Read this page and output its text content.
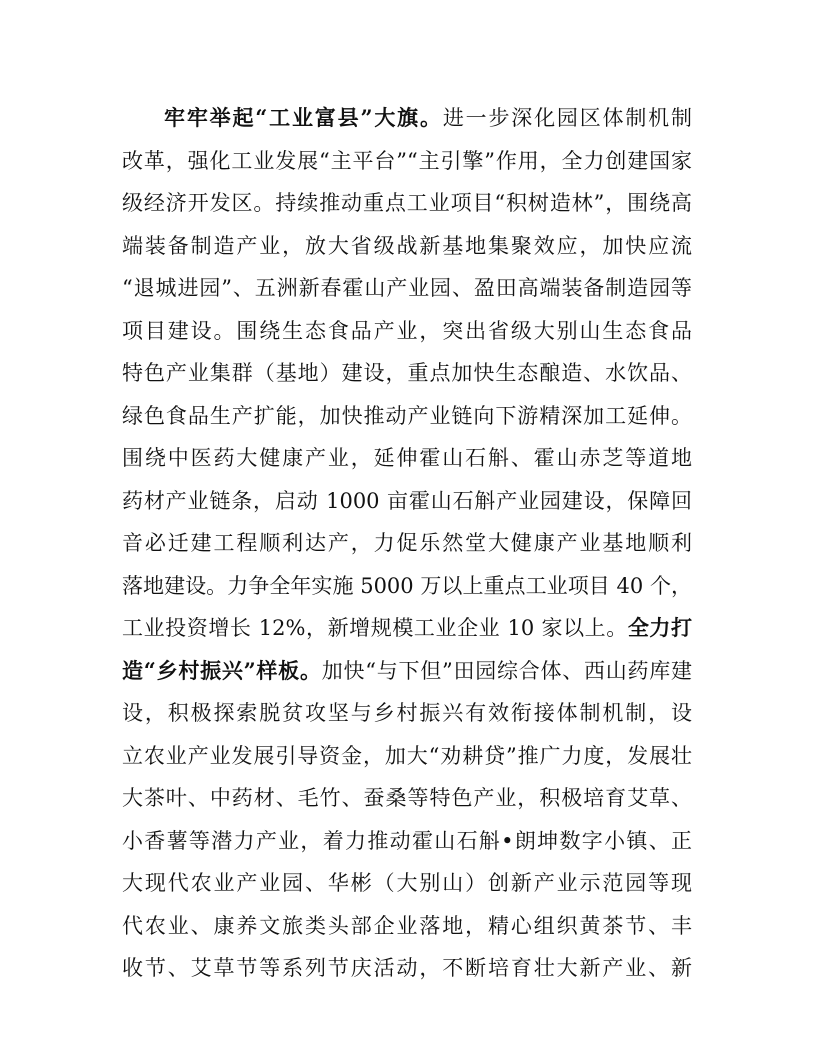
牢牢举起“工业富县”大旗。进一步深化园区体制机制
改革，强化工业发展“主平台”“主引擎”作用，全力创建国家
级经济开发区。持续推动重点工业项目“积树造林”，围绕高
端装备制造产业，放大省级战新基地集聚效应，加快应流
“退城进园”、五洲新春霍山产业园、盈田高端装备制造园等
项目建设。围绕生态食品产业，突出省级大别山生态食品
特色产业集群（基地）建设，重点加快生态酿造、水饮品、
绿色食品生产扩能，加快推动产业链向下游精深加工延伸。
围绕中医药大健康产业，延伸霍山石斛、霍山赤芝等道地
药材产业链条，启动 1000 亩霍山石斛产业园建设，保障回
音必迁建工程顺利达产，力促乐然堂大健康产业基地顺利
落地建设。力争全年实施 5000 万以上重点工业项目 40 个，
工业投资增长 12%，新增规模工业企业 10 家以上。全力打
造“乡村振兴”样板。加快“与下但”田园综合体、西山药库建
设，积极探索脱贫攻坚与乡村振兴有效衔接体制机制，设
立农业产业发展引导资金，加大“劝耕贷”推广力度，发展壮
大茶叶、中药材、毛竹、蚕桑等特色产业，积极培育艾草、
小香薯等潜力产业，着力推动霍山石斛•朗坤数字小镇、正
大现代农业产业园、华彬（大别山）创新产业示范园等现
代农业、康养文旅类头部企业落地，精心组织黄茶节、丰
收节、艾草节等系列节庆活动，不断培育壮大新产业、新
